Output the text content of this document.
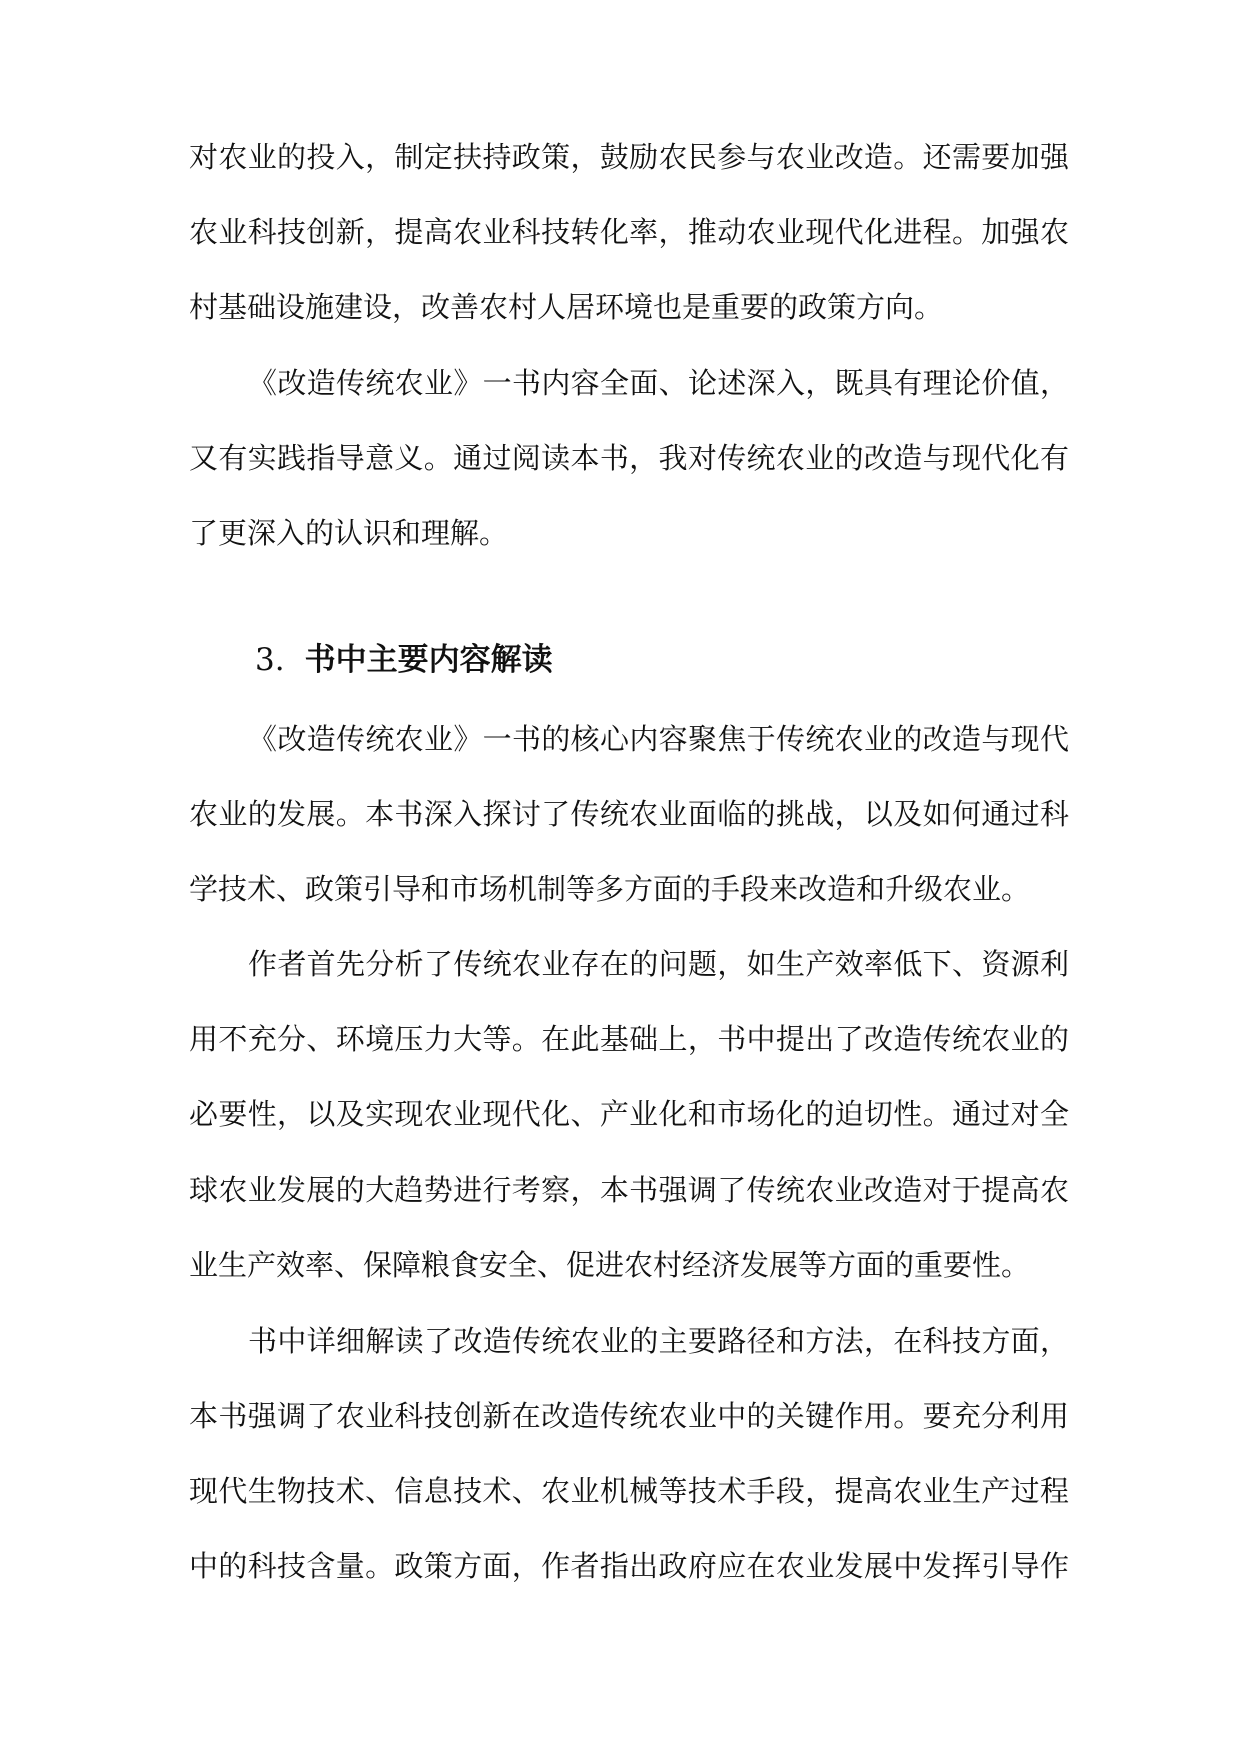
对农业的投入，制定扶持政策，鼓励农民参与农业改造。还需要加强
农业科技创新，提高农业科技转化率，推动农业现代化进程。加强农
村基础设施建设，改善农村人居环境也是重要的政策方向。
《改造传统农业》一书内容全面、论述深入，既具有理论价值，
又有实践指导意义。通过阅读本书，我对传统农业的改造与现代化有
了更深入的认识和理解。
3. 书中主要内容解读
《改造传统农业》一书的核心内容聚焦于传统农业的改造与现代
农业的发展。本书深入探讨了传统农业面临的挑战，以及如何通过科
学技术、政策引导和市场机制等多方面的手段来改造和升级农业。
作者首先分析了传统农业存在的问题，如生产效率低下、资源利
用不充分、环境压力大等。在此基础上，书中提出了改造传统农业的
必要性，以及实现农业现代化、产业化和市场化的迫切性。通过对全
球农业发展的大趋势进行考察，本书强调了传统农业改造对于提高农
业生产效率、保障粮食安全、促进农村经济发展等方面的重要性。
书中详细解读了改造传统农业的主要路径和方法，在科技方面，
本书强调了农业科技创新在改造传统农业中的关键作用。要充分利用
现代生物技术、信息技术、农业机械等技术手段，提高农业生产过程
中的科技含量。政策方面，作者指出政府应在农业发展中发挥引导作
